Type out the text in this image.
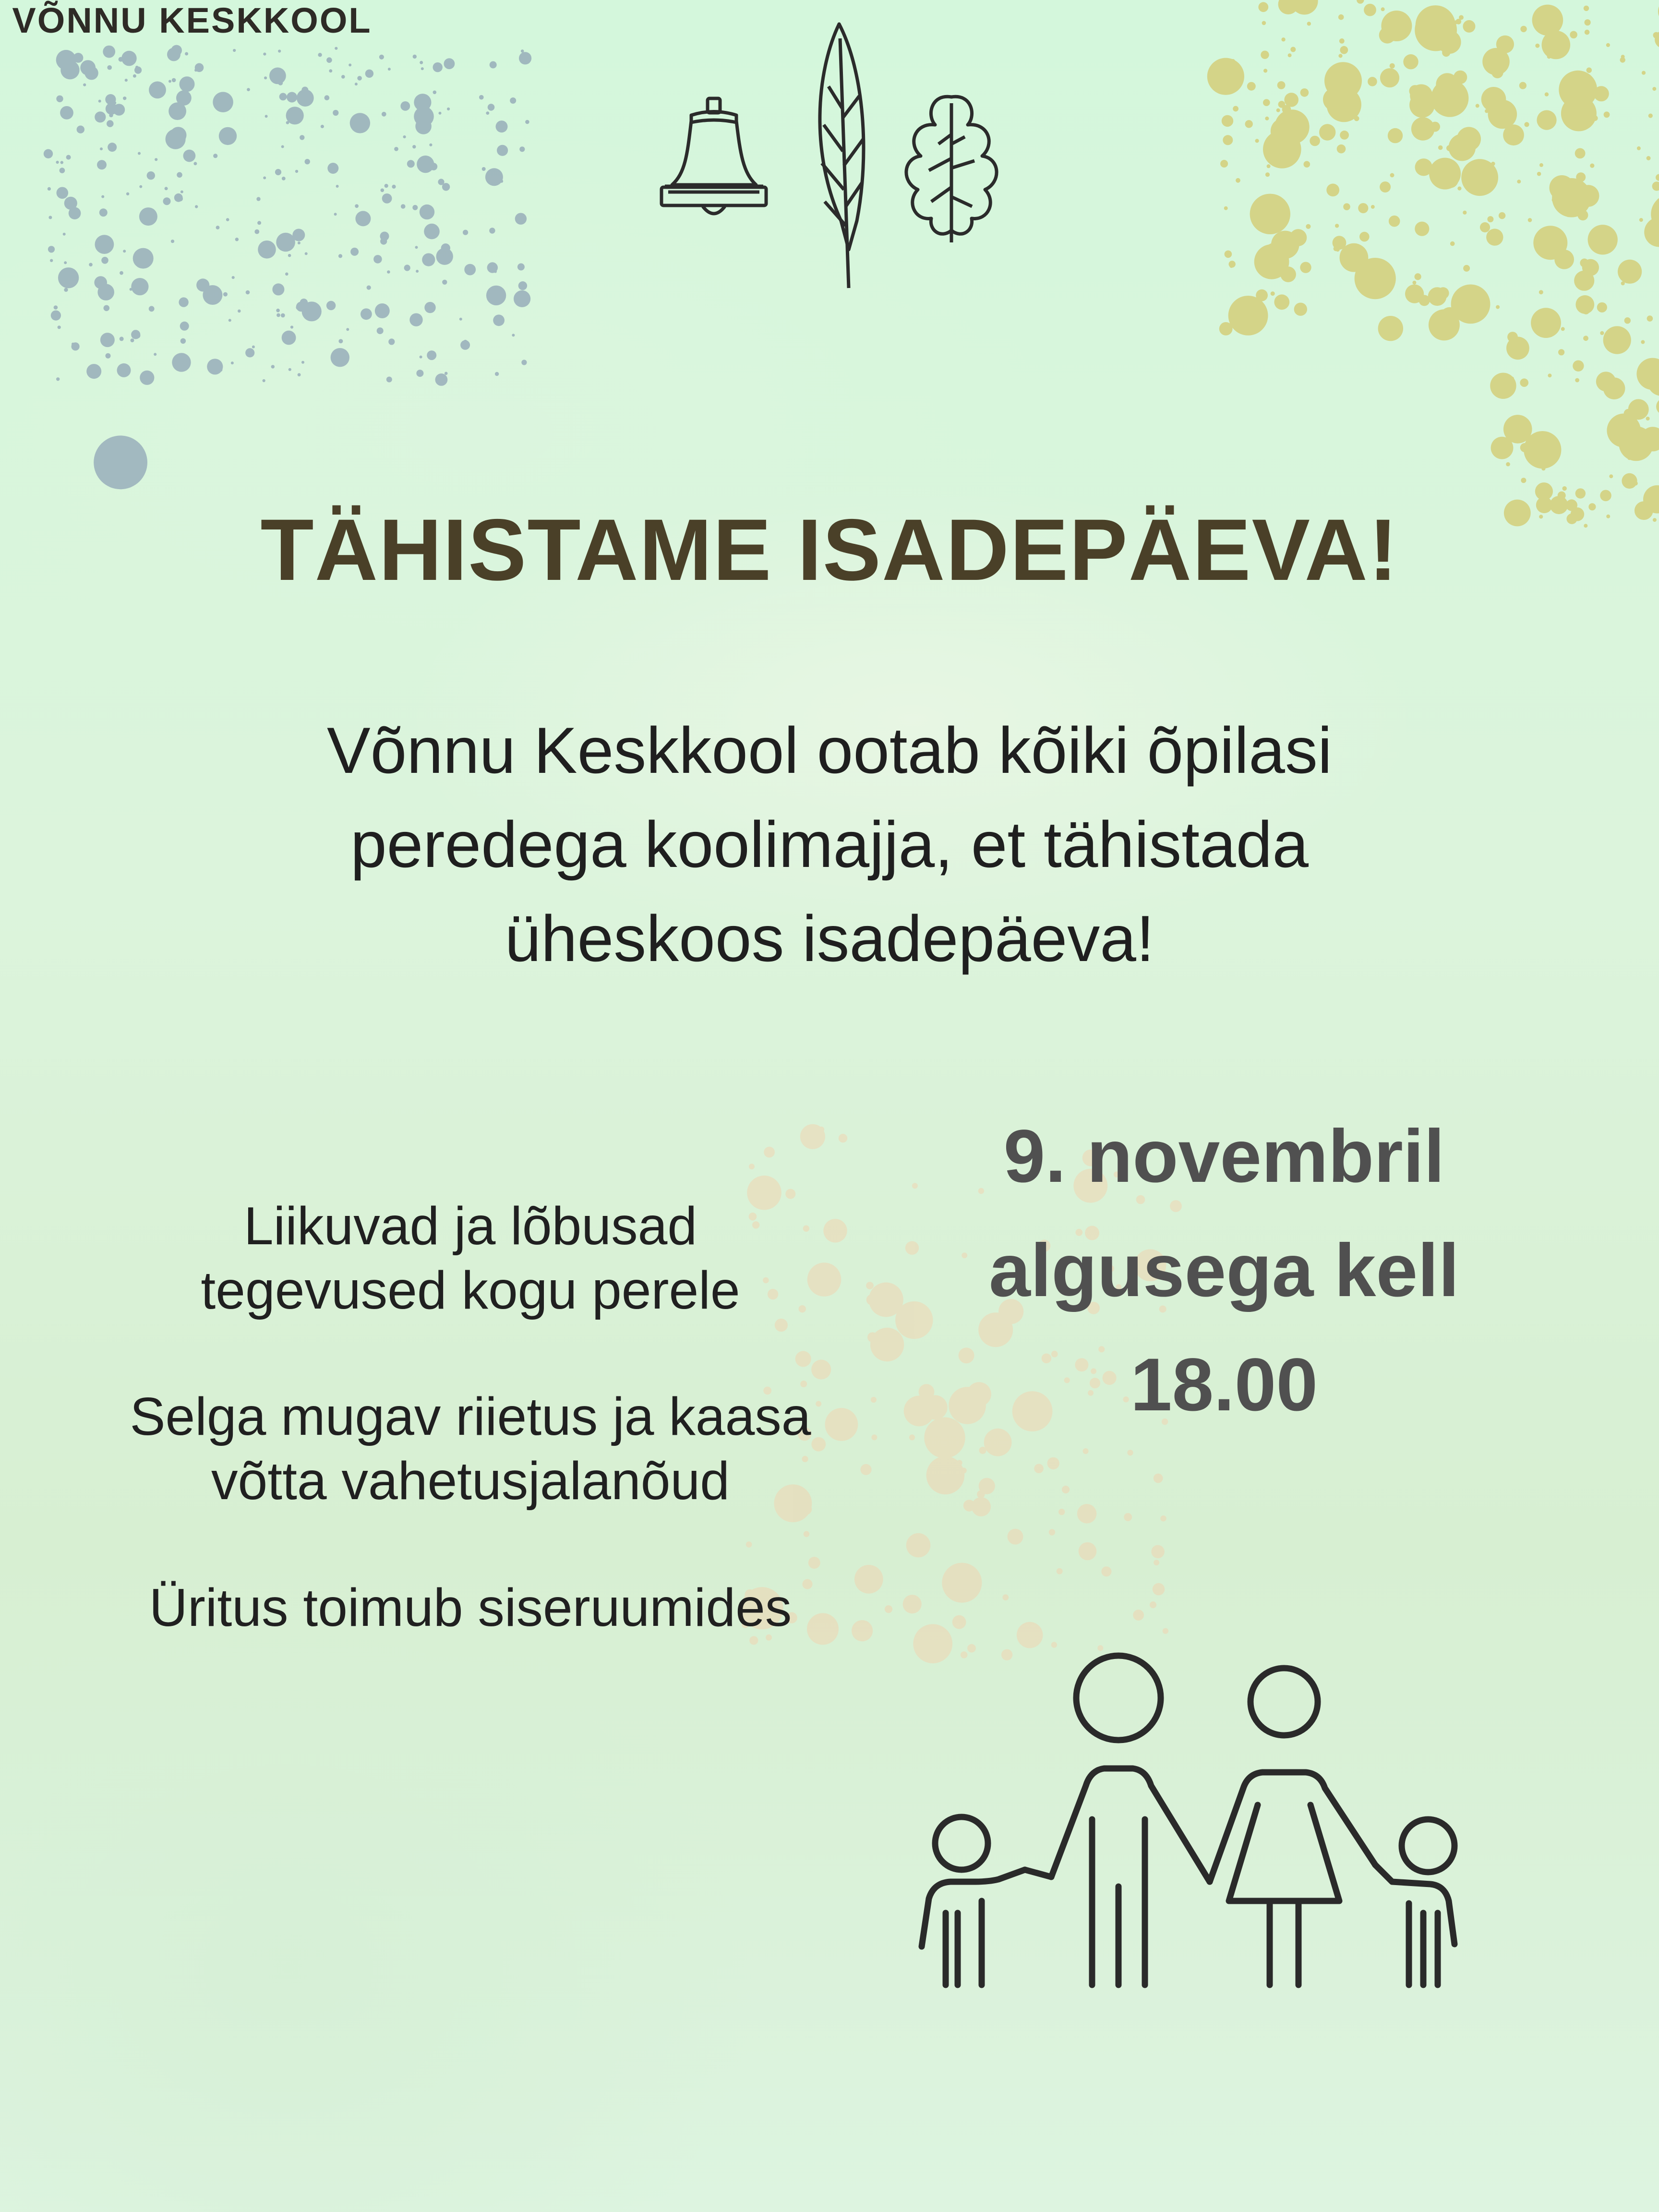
VÕNNU KESKKOOL
TÄHISTAME ISADEPÄEVA!
Võnnu Keskkool ootab kõiki õpilasi
peredega koolimajja, et tähistada
üheskoos isadepäeva!
Liikuvad ja lõbusad
tegevused kogu perele
Selga mugav riietus ja kaasa
võtta vahetusjalanõud
Üritus toimub siseruumides
9. novembril
algusega kell
18.00
